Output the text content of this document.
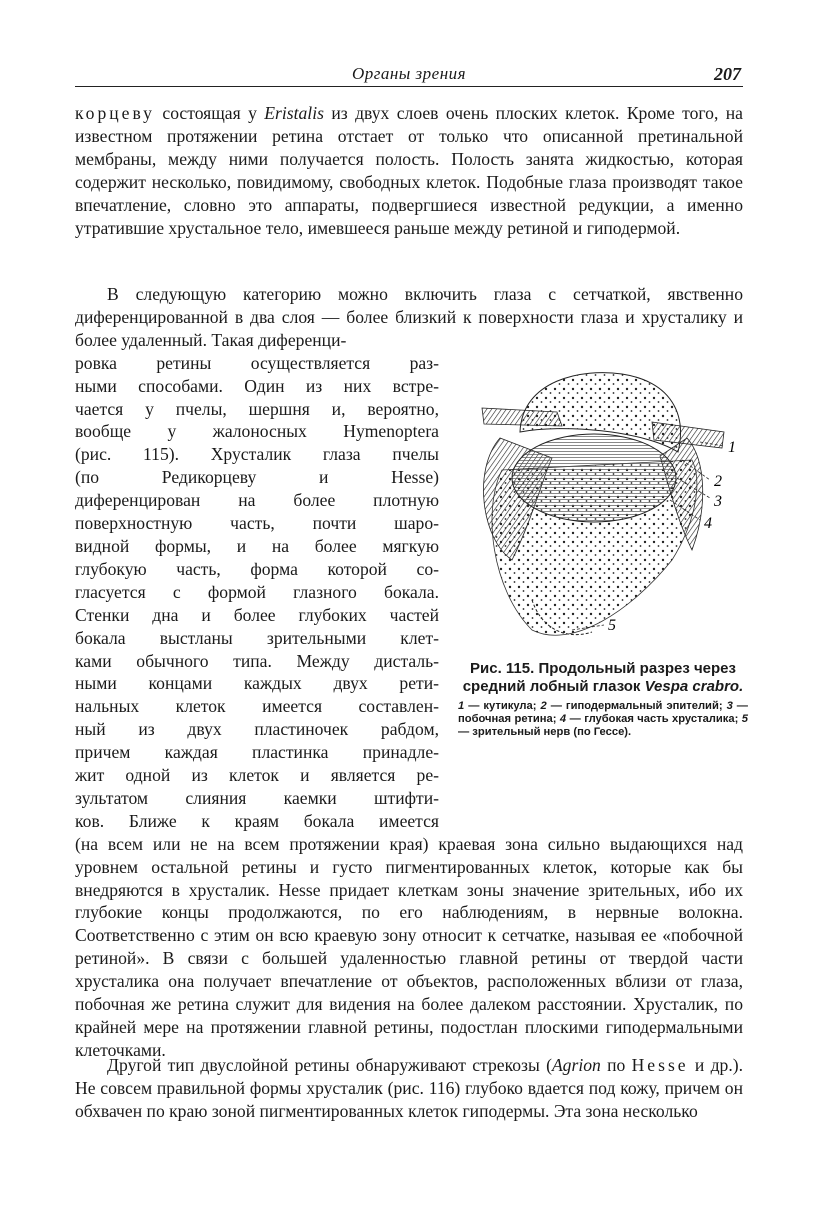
Органы зрения	207

корцеву состоящая у Eristalis из двух слоев очень плоских клеток. Кроме того, на известном протяжении ретина отстает от только что описанной претинальной мембраны, между ними получается полость. Полость занята жидкостью, которая содержит несколько, повидимому, свободных клеток. Подобные глаза производят такое впечатление, словно это аппараты, подвергшиеся известной редукции, а именно утратившие хрустальное тело, имевшееся раньше между ретиной и гиподермой.

В следующую категорию можно включить глаза с сетчаткой, явственно диференцированной в два слоя — более близкий к поверхности глаза и хрусталику и более удаленный. Такая диференци-

ровка ретины осуществляется раз-
ными способами. Один из них встре-
чается у пчелы, шершня и, вероятно,
вообще у жалоносных Hymenoptera
(рис. 115). Хрусталик глаза пчелы
(по Редикорцеву и Hesse)
диференцирован на более плотную
поверхностную часть, почти шаро-
видной формы, и на более мягкую
глубокую часть, форма которой со-
гласуется с формой глазного бокала.
Стенки дна и более глубоких частей
бокала выстланы зрительными клет-
ками обычного типа. Между дисталь-
ными концами каждых двух рети-
нальных клеток имеется составлен-
ный из двух пластиночек рабдом,
причем каждая пластинка принадле-
жит одной из клеток и является ре-
зультатом слияния каемки штифти-
ков. Ближе к краям бокала имеется

(на всем или не на всем протяжении края) краевая зона сильно выдающихся над уровнем остальной ретины и густо пигментированных клеток, которые как бы внедряются в хрусталик. Hesse придает клеткам зоны значение зрительных, ибо их глубокие концы продолжаются, по его наблюдениям, в нервные волокна. Соответственно с этим он всю краевую зону относит к сетчатке, называя ее «побочной ретиной». В связи с большей удаленностью главной ретины от твердой части хрусталика она получает впечатление от объектов, расположенных вблизи от глаза, побочная же ретина служит для видения на более далеком расстоянии. Хрусталик, по крайней мере на протяжении главной ретины, подостлан плоскими гиподермальными клеточками.

1
2
3
4
5
Рис. 115. Продольный разрез через средний лобный глазок Vespa crabro.
1 — кутикула; 2 — гиподермальный эпителий; 3 — побочная ретина; 4 — глубокая часть хрусталика; 5 — зрительный нерв (по Гессе).

Другой тип двуслойной ретины обнаруживают стрекозы (Agrion по Hesse и др.). Не совсем правильной формы хрусталик (рис. 116) глубоко вдается под кожу, причем он обхвачен по краю зоной пигментированных клеток гиподермы. Эта зона несколько
